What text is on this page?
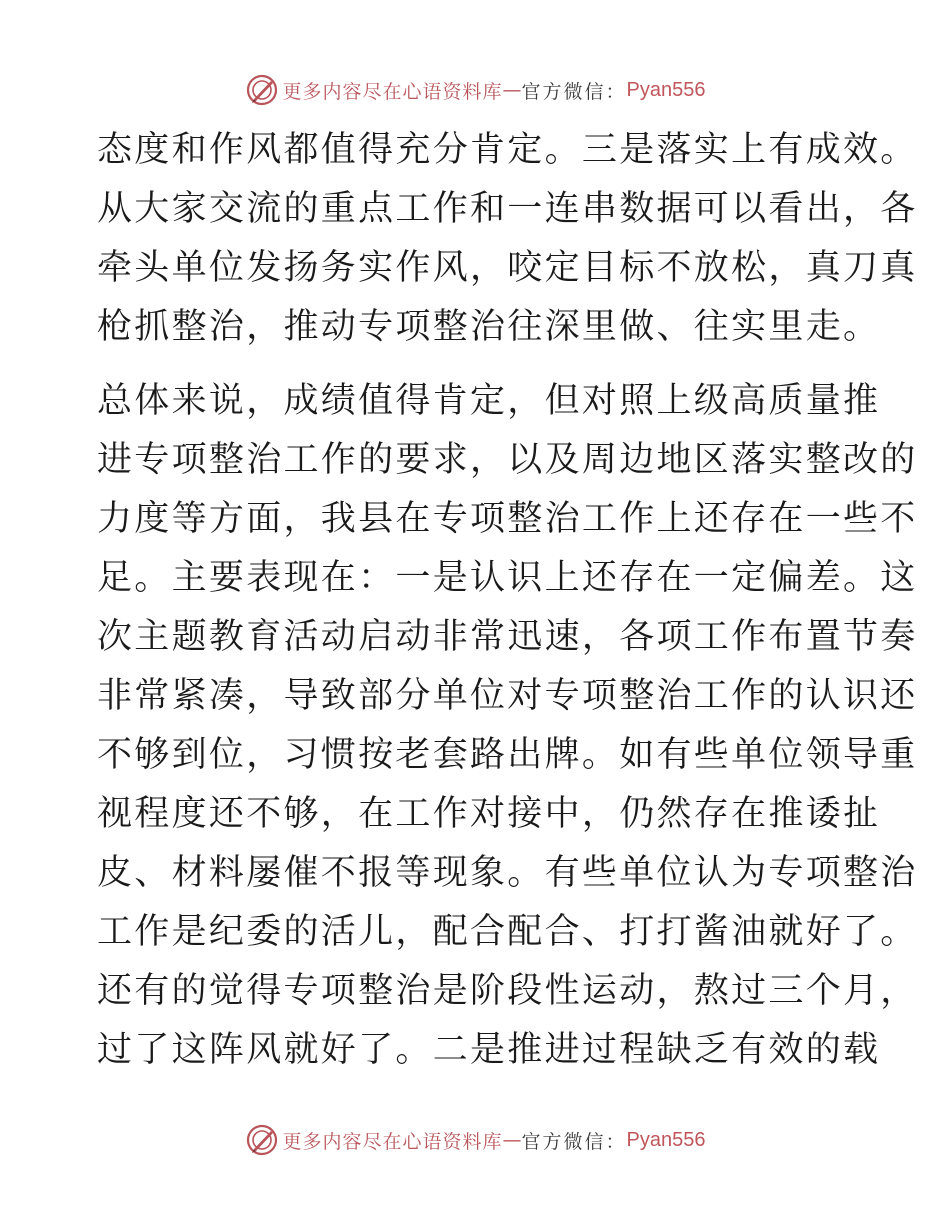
更多内容尽在心语资料库 — 官方微信： Pyan556

态度和作风都值得充分肯定。三是落实上有成效。
从大家交流的重点工作和一连串数据可以看出，各
牵头单位发扬务实作风，咬定目标不放松，真刀真
枪抓整治，推动专项整治往深里做、往实里走。

总体来说，成绩值得肯定，但对照上级高质量推
进专项整治工作的要求，以及周边地区落实整改的
力度等方面，我县在专项整治工作上还存在一些不
足。主要表现在：一是认识上还存在一定偏差。这
次主题教育活动启动非常迅速，各项工作布置节奏
非常紧凑，导致部分单位对专项整治工作的认识还
不够到位，习惯按老套路出牌。如有些单位领导重
视程度还不够，在工作对接中，仍然存在推诿扯
皮、材料屡催不报等现象。有些单位认为专项整治
工作是纪委的活儿，配合配合、打打酱油就好了。
还有的觉得专项整治是阶段性运动，熬过三个月，
过了这阵风就好了。二是推进过程缺乏有效的载

更多内容尽在心语资料库 — 官方微信： Pyan556
